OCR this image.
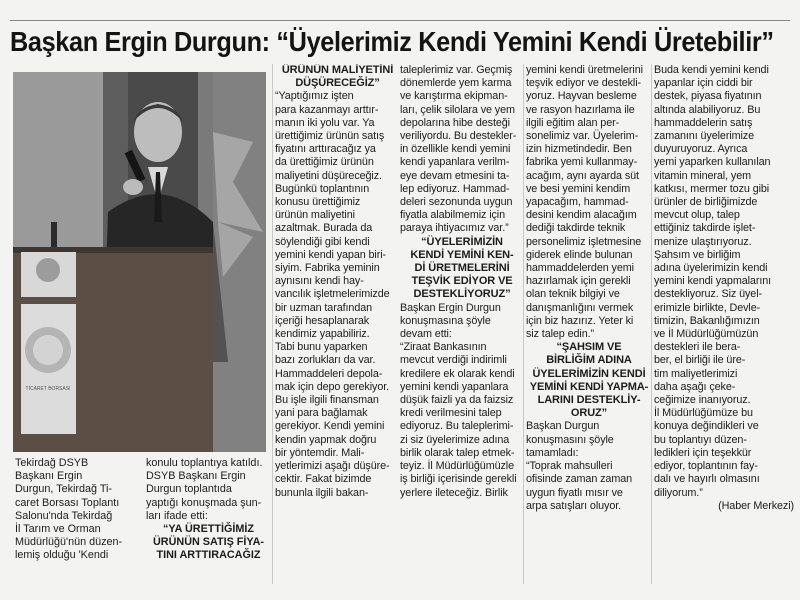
Başkan Ergin Durgun: “Üyelerimiz Kendi Yemini Kendi Üretebilir”
TİCARET BORSASI

Tekirdağ DSYB

Başkanı Ergin

Durgun, Tekirdağ Ti-

caret Borsası Toplantı

Salonu'nda Tekirdağ

İl Tarım ve Orman

Müdürlüğü'nün düzen-

lemiş olduğu 'Kendi

konulu toplantıya katıldı.

DSYB Başkanı Ergin

Durgun toplantıda

yaptığı konuşmada şun-

ları ifade etti:

“YA ÜRETTİĞİMİZ

ÜRÜNÜN SATIŞ FİYA-

TINI ARTTIRACAĞIZ

ÜRÜNÜN MALİYETİNİ

DÜŞÜRECEĞİZ”

“Yaptığımız işten

para kazanmayı arttır-

manın iki yolu var. Ya

ürettiğimiz ürünün satış

fiyatını arttıracağız ya

da ürettiğimiz ürünün

maliyetini düşüreceğiz.

Bugünkü toplantının

konusu ürettiğimiz

ürünün maliyetini

azaltmak. Burada da

söylendiği gibi kendi

yemini kendi yapan biri-

siyim. Fabrika yeminin

aynısını kendi hay-

vancılık işletmelerimizde

bir uzman tarafından

içeriği hesaplanarak

kendimiz yapabiliriz.

Tabi bunu yaparken

bazı zorlukları da var.

Hammaddeleri depola-

mak için depo gerekiyor.

Bu işle ilgili finansman

yani para bağlamak

gerekiyor. Kendi yemini

kendin yapmak doğru

bir yöntemdir. Mali-

yetlerimizi aşağı düşüre-

cektir. Fakat bizimde

bununla ilgili bakan-

taleplerimiz var. Geçmiş

dönemlerde yem karma

ve karıştırma ekipman-

ları, çelik silolara ve yem

depolarına hibe desteği

veriliyordu. Bu destekler-

in özellikle kendi yemini

kendi yapanlara verilm-

eye devam etmesini ta-

lep ediyoruz. Hammad-

deleri sezonunda uygun

fiyatla alabilmemiz için

paraya ihtiyacımız var.”

“ÜYELERİMİZİN

KENDİ YEMİNİ KEN-

Dİ ÜRETMELERİNİ

TEŞVİK EDİYOR VE

DESTEKLİYORUZ”

Başkan Ergin Durgun

konuşmasına şöyle

devam etti:

“Ziraat Bankasının

mevcut verdiği indirimli

kredilere ek olarak kendi

yemini kendi yapanlara

düşük faizli ya da faizsiz

kredi verilmesini talep

ediyoruz. Bu taleplerimi-

zi siz üyelerimize adına

birlik olarak talep etmek-

teyiz. İl Müdürlüğümüzle

iş birliği içerisinde gerekli

yerlere ileteceğiz. Birlik

yemini kendi üretmelerini

teşvik ediyor ve destekli-

yoruz. Hayvan besleme

ve rasyon hazırlama ile

ilgili eğitim alan per-

sonelimiz var. Üyelerim-

izin hizmetindedir. Ben

fabrika yemi kullanmay-

acağım, aynı ayarda süt

ve besi yemini kendim

yapacağım, hammad-

desini kendim alacağım

dediği takdirde teknik

personelimiz işletmesine

giderek elinde bulunan

hammaddelerden yemi

hazırlamak için gerekli

olan teknik bilgiyi ve

danışmanlığını vermek

için biz hazırız. Yeter ki

siz talep edin.”

“ŞAHSIM VE

BİRLİĞİM ADINA

ÜYELERİMİZİN KENDİ

YEMİNİ KENDİ YAPMA-

LARINI DESTEKLİY-

ORUZ”

Başkan Durgun

konuşmasını şöyle

tamamladı:

“Toprak mahsulleri

ofisinde zaman zaman

uygun fiyatlı mısır ve

arpa satışları oluyor.

Buda kendi yemini kendi

yapanlar için ciddi bir

destek, piyasa fiyatının

altında alabiliyoruz. Bu

hammaddelerin satış

zamanını üyelerimize

duyuruyoruz. Ayrıca

yemi yaparken kullanılan

vitamin mineral, yem

katkısı, mermer tozu gibi

ürünler de birliğimizde

mevcut olup, talep

ettiğiniz takdirde işlet-

menize ulaştırıyoruz.

Şahsım ve birliğim

adına üyelerimizin kendi

yemini kendi yapmalarını

destekliyoruz. Siz üyel-

erimizle birlikte, Devle-

timizin, Bakanlığımızın

ve İl Müdürlüğümüzün

destekleri ile bera-

ber, el birliği ile üre-

tim maliyetlerimizi

daha aşağı çeke-

ceğimize inanıyoruz.

İl Müdürlüğümüze bu

konuya değindikleri ve

bu toplantıyı düzen-

ledikleri için teşekkür

ediyor, toplantının fay-

dalı ve hayırlı olmasını

diliyorum.”

(Haber Merkezi)
